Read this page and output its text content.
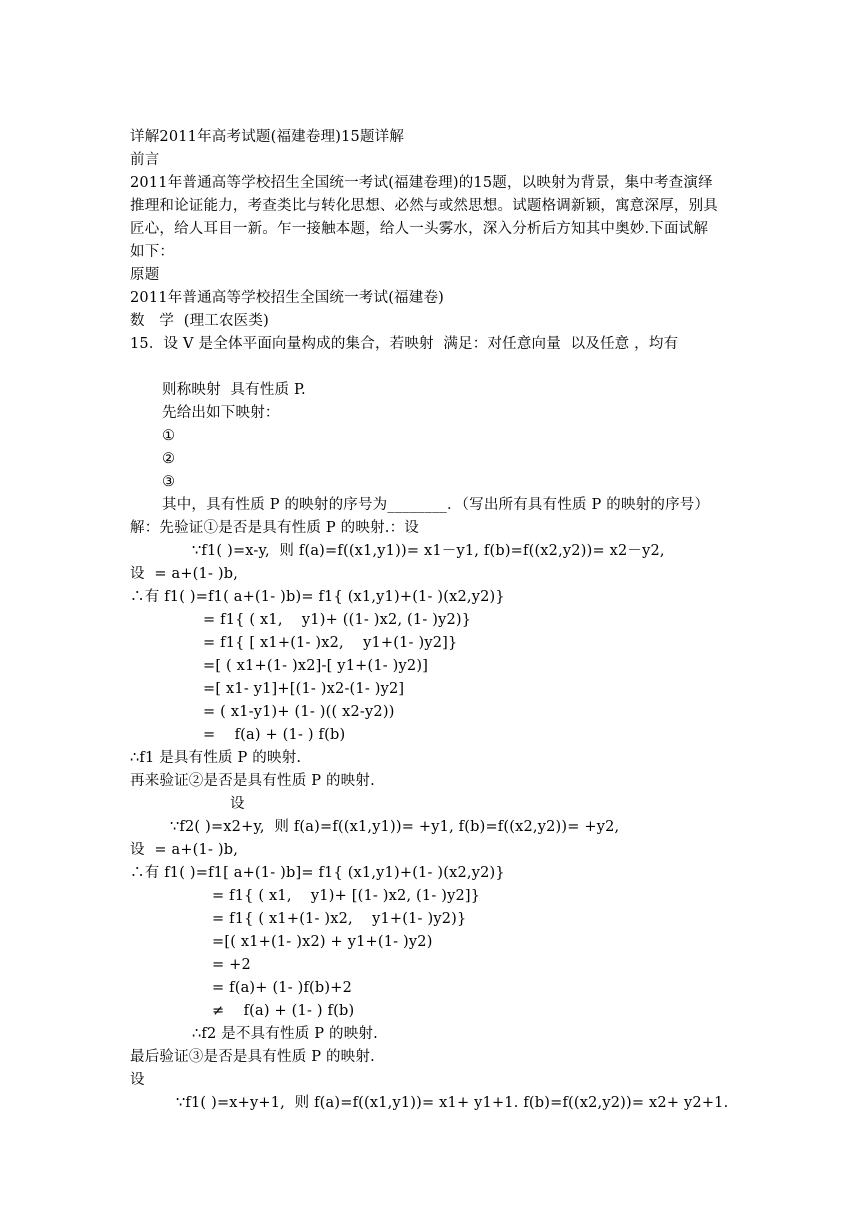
详解2011年高考试题(福建卷理)15题详解
前言
2011年普通高等学校招生全国统一考试(福建卷理)的15题，以映射为背景，集中考查演绎
推理和论证能力，考查类比与转化思想、必然与或然思想。试题格调新颖，寓意深厚，别具
匠心，给人耳目一新。乍一接触本题，给人一头雾水，深入分析后方知其中奥妙.下面试解
如下：
原题
2011年普通高等学校招生全国统一考试(福建卷)
数　学  (理工农医类)
15．设 V 是全体平面向量构成的集合，若映射  满足：对任意向量  以及任意 ，均有
则称映射  具有性质 P.
先给出如下映射：
①
②
③
其中，具有性质 P 的映射的序号为________．（写出所有具有性质 P 的映射的序号）
解：先验证①是否是具有性质 P 的映射.：设
∵f1( )=x-y,  则 f(a)=f((x1,y1))= x1－y1, f(b)=f((x2,y2))= x2－y2,
设  = a+(1- )b,
∴有 f1( )=f1( a+(1- )b)= f1{ (x1,y1)+(1- )(x2,y2)}
= f1{ ( x1,    y1)+ ((1- )x2, (1- )y2)}
= f1{ [ x1+(1- )x2,    y1+(1- )y2]}
=[ ( x1+(1- )x2]-[ y1+(1- )y2)]
=[ x1- y1]+[(1- )x2-(1- )y2]
= ( x1-y1)+ (1- )(( x2-y2))
=    f(a) + (1- ) f(b)
∴f1 是具有性质 P 的映射.
再来验证②是否是具有性质 P 的映射.
设
∵f2( )=x2+y,  则 f(a)=f((x1,y1))= +y1, f(b)=f((x2,y2))= +y2,
设  = a+(1- )b,
∴有 f1( )=f1[ a+(1- )b]= f1{ (x1,y1)+(1- )(x2,y2)}
= f1{ ( x1,    y1)+ [(1- )x2, (1- )y2]}
= f1{ ( x1+(1- )x2,    y1+(1- )y2)}
=[( x1+(1- )x2) + y1+(1- )y2)
= +2
= f(a)+ (1- )f(b)+2
≠    f(a) + (1- ) f(b)
∴f2 是不具有性质 P 的映射.
最后验证③是否是具有性质 P 的映射.
设
∵f1( )=x+y+1,  则 f(a)=f((x1,y1))= x1+ y1+1. f(b)=f((x2,y2))= x2+ y2+1.
